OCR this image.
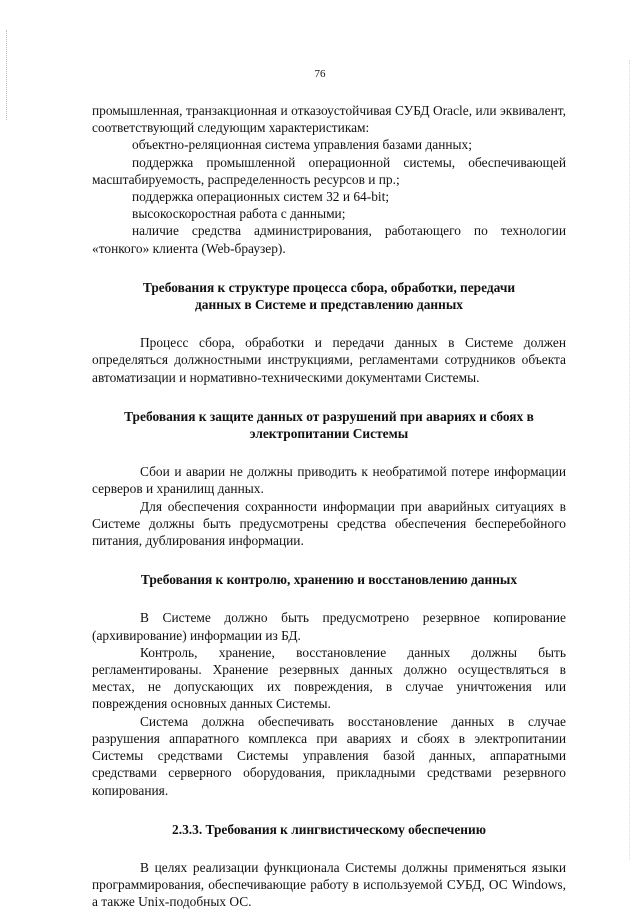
76

промышленная, транзакционная и отказоустойчивая СУБД Oracle, или эквивалент, соответствующий следующим характеристикам:

объектно-реляционная система управления базами данных;

поддержка промышленной операционной системы, обеспечивающей масштабируемость, распределенность ресурсов и пр.;

поддержка операционных систем 32 и 64-bit;

высокоскоростная работа с данными;

наличие средства администрирования, работающего по технологии «тонкого» клиента (Web-браузер).

Требования к структуре процесса сбора, обработки, передачи
данных в Системе и представлению данных

Процесс сбора, обработки и передачи данных в Системе должен определяться должностными инструкциями, регламентами сотрудников объекта автоматизации и нормативно-техническими документами Системы.

Требования к защите данных от разрушений при авариях и сбоях в
электропитании Системы

Сбои и аварии не должны приводить к необратимой потере информации серверов и хранилищ данных.

Для обеспечения сохранности информации при аварийных ситуациях в Системе должны быть предусмотрены средства обеспечения бесперебойного питания, дублирования информации.

Требования к контролю, хранению и восстановлению данных

В Системе должно быть предусмотрено резервное копирование (архивирование) информации из БД.

Контроль, хранение, восстановление данных должны быть регламентированы. Хранение резервных данных должно осуществляться в местах, не допускающих их повреждения, в случае уничтожения или повреждения основных данных Системы.

Система должна обеспечивать восстановление данных в случае разрушения аппаратного комплекса при авариях и сбоях в электропитании Системы средствами Системы управления базой данных, аппаратными средствами серверного оборудования, прикладными средствами резервного копирования.

2.3.3. Требования к лингвистическому обеспечению

В целях реализации функционала Системы должны применяться языки программирования, обеспечивающие работу в используемой СУБД, ОС Windows, а также Unix-подобных ОС.
